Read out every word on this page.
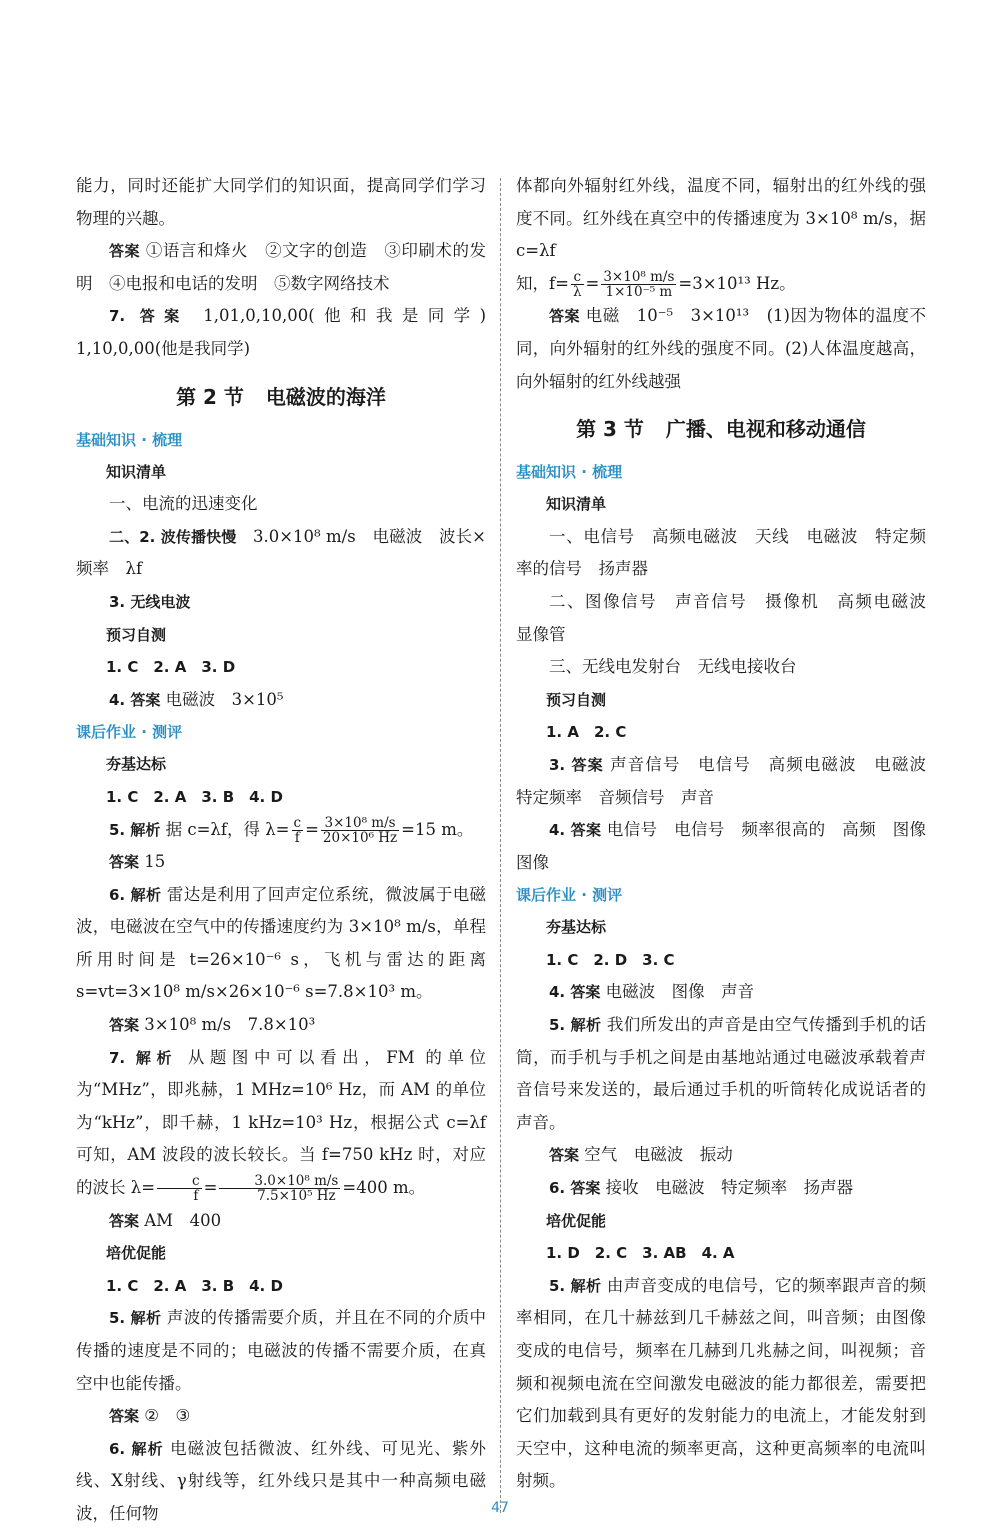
能力，同时还能扩大同学们的知识面，提高同学们学习物理的兴趣。

答案 ①语言和烽火　②文字的创造　③印刷术的发明　④电报和电话的发明　⑤数字网络技术

7. 答案 1,01,0,10,00(他和我是同学)　1,10,0,00(他是我同学)

第 2 节 电磁波的海洋
基础知识 · 梳理
知识清单

一、电流的迅速变化

二、2. 波传播快慢　 3.0×10⁸ m/s　电磁波　波长×频率　λf

3. 无线电波

预习自测

1. C　2. A　3. D

4. 答案 电磁波　3×10⁵

课后作业 · 测评
夯基达标

1. C　2. A　3. B　4. D

5. 解析 据 c=λf，得 $\lambda= \frac{c}{f} = \frac{\text{3×10⁸ m/s}}{\text{20×10⁶ Hz}} =15$ m。

答案 15

6. 解析 雷达是利用了回声定位系统，微波属于电磁波，电磁波在空气中的传播速度约为 3×10⁸ m/s，单程所用时间是 t=26×10⁻⁶ s，飞机与雷达的距离 s=vt=3×10⁸ m/s×26×10⁻⁶ s=7.8×10³ m。

答案 3×10⁸ m/s　7.8×10³

7. 解析 从题图中可以看出，FM 的单位为“MHz”，即兆赫，1 MHz=10⁶ Hz，而 AM 的单位为“kHz”，即千赫，1 kHz=10³ Hz，根据公式 c=λf 可知，AM 波段的波长较长。当 f=750 kHz 时，对应的波长 $\lambda= \frac{c}{f} = \frac{\text{3.0×10⁸ m/s}}{\text{7.5×10⁵ Hz}} =400$ m。

答案 AM　400

培优促能

1. C　2. A　3. B　4. D

5. 解析 声波的传播需要介质，并且在不同的介质中传播的速度是不同的；电磁波的传播不需要介质，在真空中也能传播。

答案 ②　③

6. 解析 电磁波包括微波、红外线、可见光、紫外线、X射线、γ射线等，红外线只是其中一种高频电磁波，任何物

体都向外辐射红外线，温度不同，辐射出的红外线的强度不同。红外线在真空中的传播速度为 3×10⁸ m/s，据 c=λf

知，$f= \frac{c}{\lambda} = \frac{\text{3×10⁸ m/s}}{\text{1×10⁻⁵ m}} =3\times 10^{13}$ Hz。

答案 电磁　10⁻⁵　3×10¹³　(1)因为物体的温度不同，向外辐射的红外线的强度不同。(2)人体温度越高，向外辐射的红外线越强

第 3 节 广播、电视和移动通信
基础知识 · 梳理
知识清单

一、电信号　高频电磁波　天线　电磁波　特定频率的信号　扬声器

二、图像信号　声音信号　摄像机　高频电磁波　显像管

三、无线电发射台　无线电接收台

预习自测

1. A　2. C

3. 答案 声音信号　电信号　高频电磁波　电磁波　特定频率　音频信号　声音

4. 答案 电信号　电信号　频率很高的　高频　图像　图像

课后作业 · 测评
夯基达标

1. C　2. D　3. C

4. 答案 电磁波　图像　声音

5. 解析 我们所发出的声音是由空气传播到手机的话筒，而手机与手机之间是由基地站通过电磁波承载着声音信号来发送的，最后通过手机的听筒转化成说话者的声音。

答案 空气　电磁波　振动

6. 答案 接收　电磁波　特定频率　扬声器

培优促能

1. D　2. C　3. AB　4. A

5. 解析 由声音变成的电信号，它的频率跟声音的频率相同，在几十赫兹到几千赫兹之间，叫音频；由图像变成的电信号，频率在几赫到几兆赫之间，叫视频；音频和视频电流在空间激发电磁波的能力都很差，需要把它们加载到具有更好的发射能力的电流上，才能发射到天空中，这种电流的频率更高，这种更高频率的电流叫射频。

47
